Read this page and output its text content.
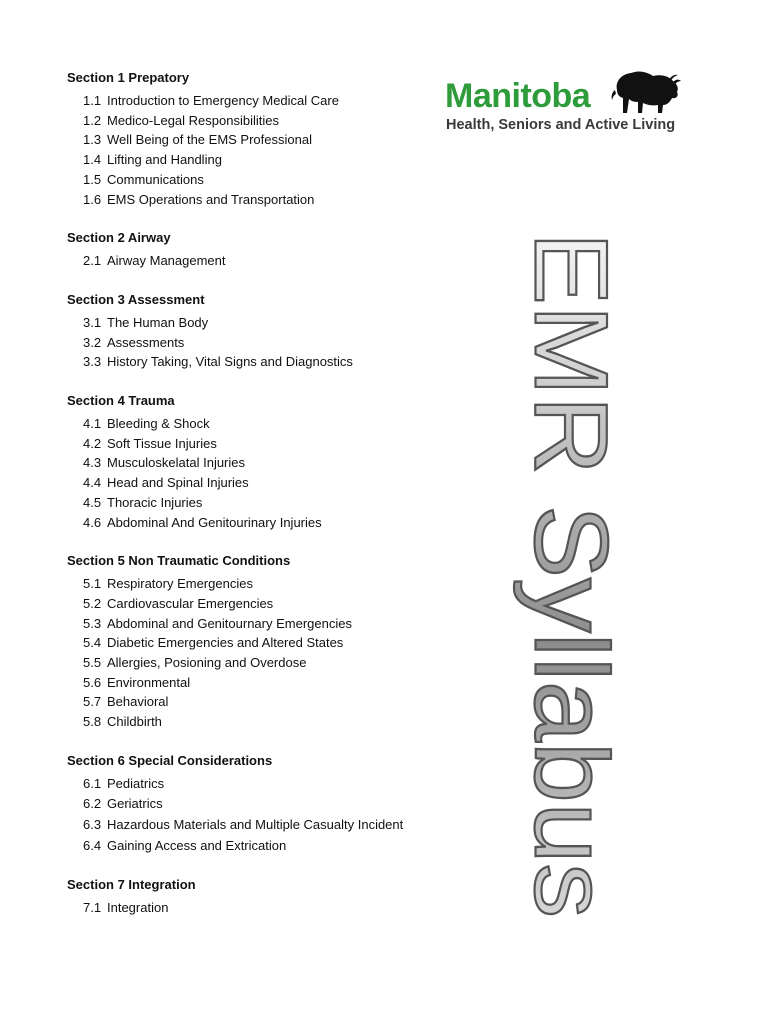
Section 1 Prepatory
1.1 Introduction to Emergency Medical Care
1.2 Medico-Legal Responsibilities
1.3 Well Being of the EMS Professional
1.4 Lifting and Handling
1.5 Communications
1.6 EMS Operations and Transportation
Section 2 Airway
2.1 Airway Management
Section 3 Assessment
3.1 The Human Body
3.2 Assessments
3.3 History Taking, Vital Signs and Diagnostics
Section 4 Trauma
4.1 Bleeding & Shock
4.2 Soft Tissue Injuries
4.3 Musculoskelatal Injuries
4.4 Head and Spinal Injuries
4.5 Thoracic Injuries
4.6 Abdominal And Genitourinary Injuries
Section 5 Non Traumatic Conditions
5.1 Respiratory Emergencies
5.2 Cardiovascular Emergencies
5.3 Abdominal and Genitournary Emergencies
5.4 Diabetic Emergencies and Altered States
5.5 Allergies, Posioning and Overdose
5.6 Environmental
5.7 Behavioral
5.8 Childbirth
Section 6 Special Considerations
6.1 Pediatrics
6.2 Geriatrics
6.3 Hazardous Materials and Multiple Casualty Incident
6.4 Gaining Access and Extrication
Section 7 Integration
7.1 Integration
Manitoba
Health, Seniors and Active Living
EMR Syllabus
